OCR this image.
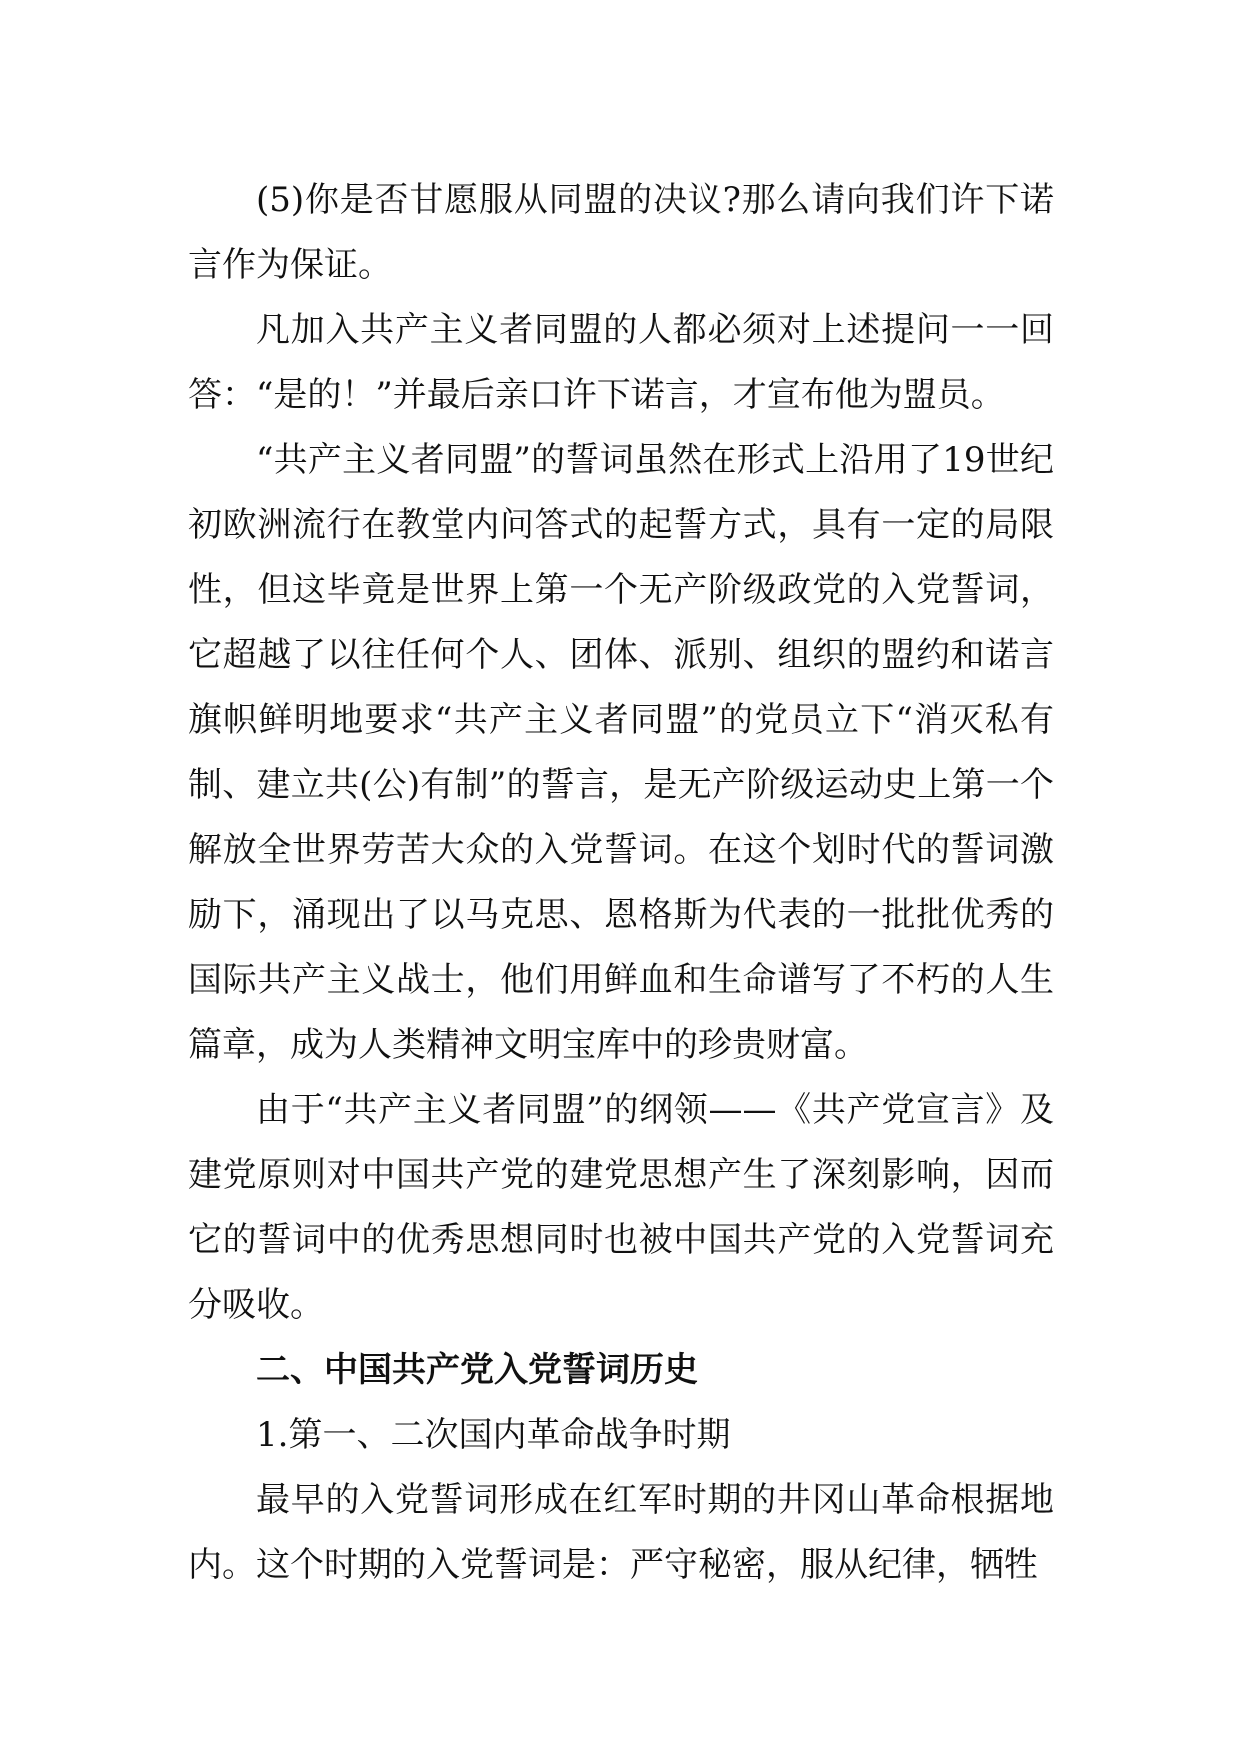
(5)你是否甘愿服从同盟的决议?那么请向我们许下诺言作为保证。

凡加入共产主义者同盟的人都必须对上述提问一一回答：“是的！”并最后亲口许下诺言，才宣布他为盟员。

“共产主义者同盟”的誓词虽然在形式上沿用了19世纪初欧洲流行在教堂内问答式的起誓方式，具有一定的局限性，但这毕竟是世界上第一个无产阶级政党的入党誓词，它超越了以往任何个人、团体、派别、组织的盟约和诺言旗帜鲜明地要求“共产主义者同盟”的党员立下“消灭私有制、建立共(公)有制”的誓言，是无产阶级运动史上第一个解放全世界劳苦大众的入党誓词。在这个划时代的誓词激励下，涌现出了以马克思、恩格斯为代表的一批批优秀的国际共产主义战士，他们用鲜血和生命谱写了不朽的人生篇章，成为人类精神文明宝库中的珍贵财富。

由于“共产主义者同盟”的纲领——《共产党宣言》及建党原则对中国共产党的建党思想产生了深刻影响，因而它的誓词中的优秀思想同时也被中国共产党的入党誓词充分吸收。

二、中国共产党入党誓词历史

1.第一、二次国内革命战争时期

最早的入党誓词形成在红军时期的井冈山革命根据地内。这个时期的入党誓词是：严守秘密，服从纪律，牺牲
